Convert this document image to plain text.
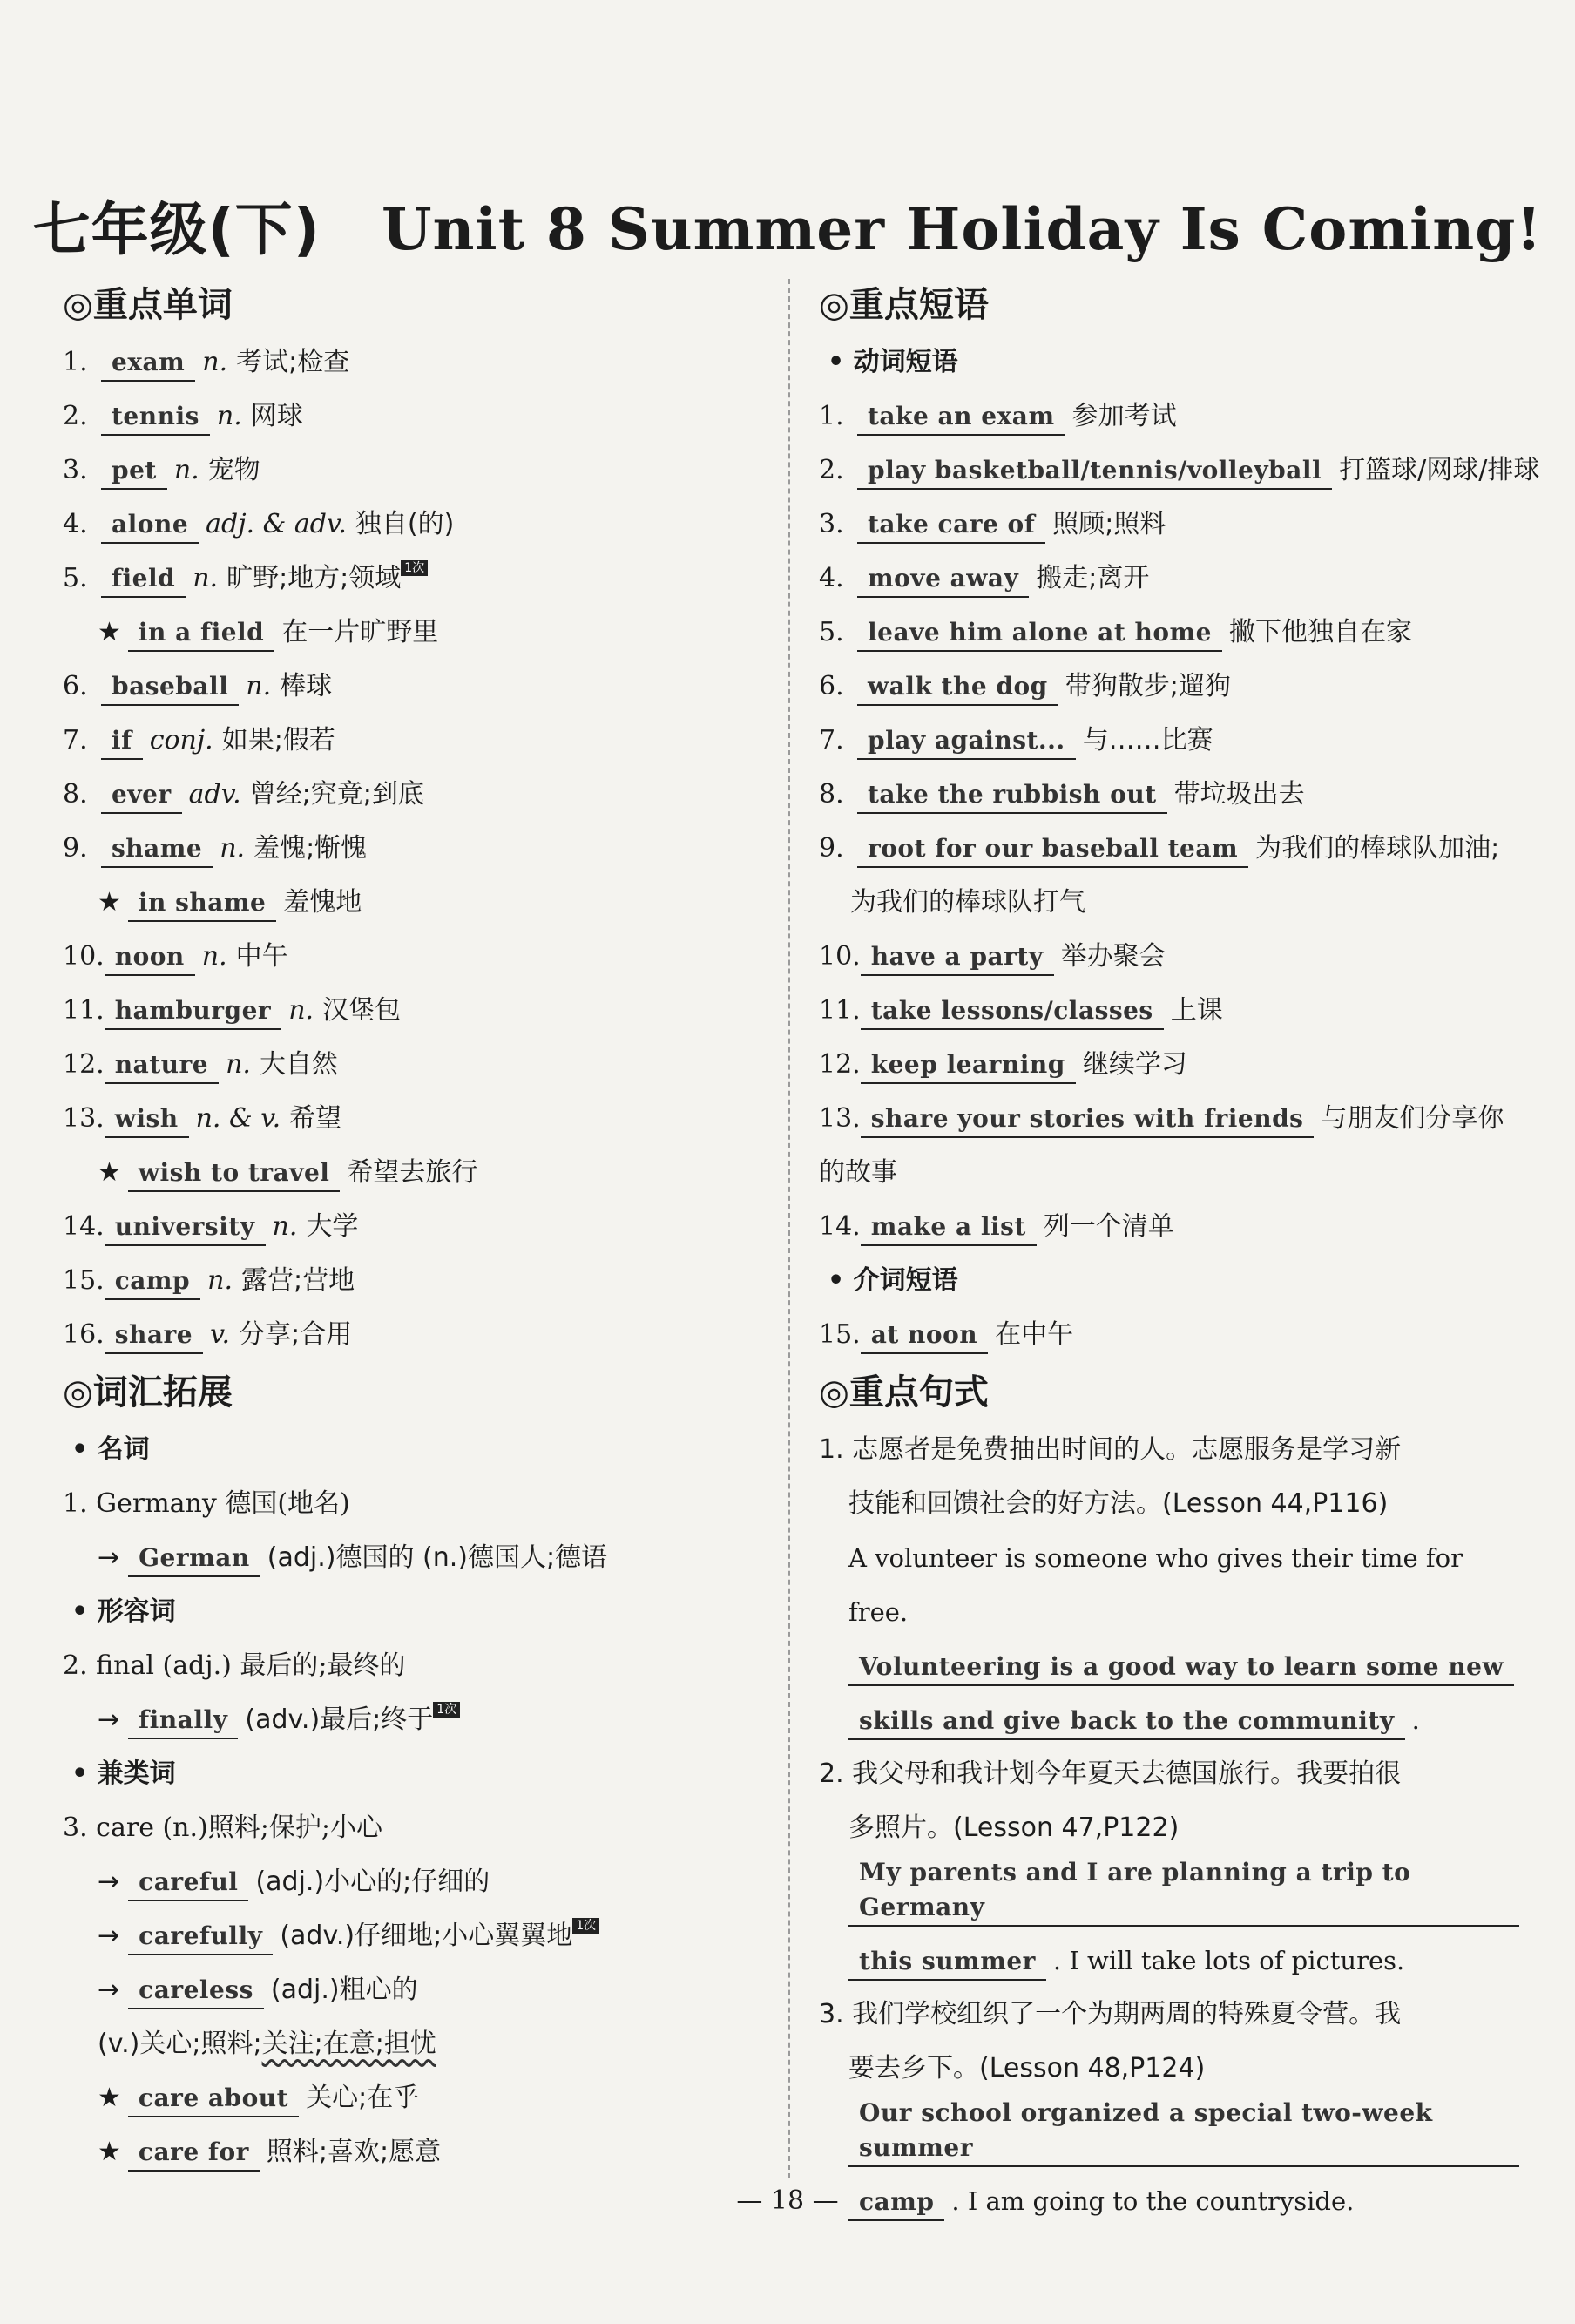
七年级(下) Unit 8 Summer Holiday Is Coming!
◎重点单词
1. exam n. 考试;检查
2. tennis n. 网球
3. pet n. 宠物
4. alone adj. & adv. 独自(的)
5. field n. 旷野;地方;领域 1次
★ in a field 在一片旷野里
6. baseball n. 棒球
7. if conj. 如果;假若
8. ever adv. 曾经;究竟;到底
9. shame n. 羞愧;惭愧
★ in shame 羞愧地
10. noon n. 中午
11. hamburger n. 汉堡包
12. nature n. 大自然
13. wish n. & v. 希望
★ wish to travel 希望去旅行
14. university n. 大学
15. camp n. 露营;营地
16. share v. 分享;合用
◎词汇拓展
• 名词
1. Germany 德国(地名)
→ German (adj.)德国的 (n.)德国人;德语
• 形容词
2. final (adj.) 最后的;最终的
→ finally (adv.)最后;终于 1次
• 兼类词
3. care (n.)照料;保护;小心
→ careful (adj.)小心的;仔细的
→ carefully (adv.)仔细地;小心翼翼地 1次
→ careless (adj.)粗心的
(v.)关心;照料;关注;在意;担忧
★ care about 关心;在乎
★ care for 照料;喜欢;愿意
◎重点短语
• 动词短语
1. take an exam 参加考试
2. play basketball/tennis/volleyball 打篮球/网球/排球
3. take care of 照顾;照料
4. move away 搬走;离开
5. leave him alone at home 撇下他独自在家
6. walk the dog 带狗散步;遛狗
7. play against... 与……比赛
8. take the rubbish out 带垃圾出去
9. root for our baseball team 为我们的棒球队加油;
为我们的棒球队打气
10. have a party 举办聚会
11. take lessons/classes 上课
12. keep learning 继续学习
13. share your stories with friends 与朋友们分享你
的故事
14. make a list 列一个清单
• 介词短语
15. at noon 在中午
◎重点句式
1. 志愿者是免费抽出时间的人。志愿服务是学习新
技能和回馈社会的好方法。(Lesson 44,P116)
A volunteer is someone who gives their time for
free. Volunteering is a good way to learn some new
skills and give back to the community .
2. 我父母和我计划今年夏天去德国旅行。我要拍很
多照片。(Lesson 47,P122)
My parents and I are planning a trip to Germany
this summer . I will take lots of pictures.
3. 我们学校组织了一个为期两周的特殊夏令营。我
要去乡下。(Lesson 48,P124)
Our school organized a special two-week summer
camp . I am going to the countryside.
— 18 —
